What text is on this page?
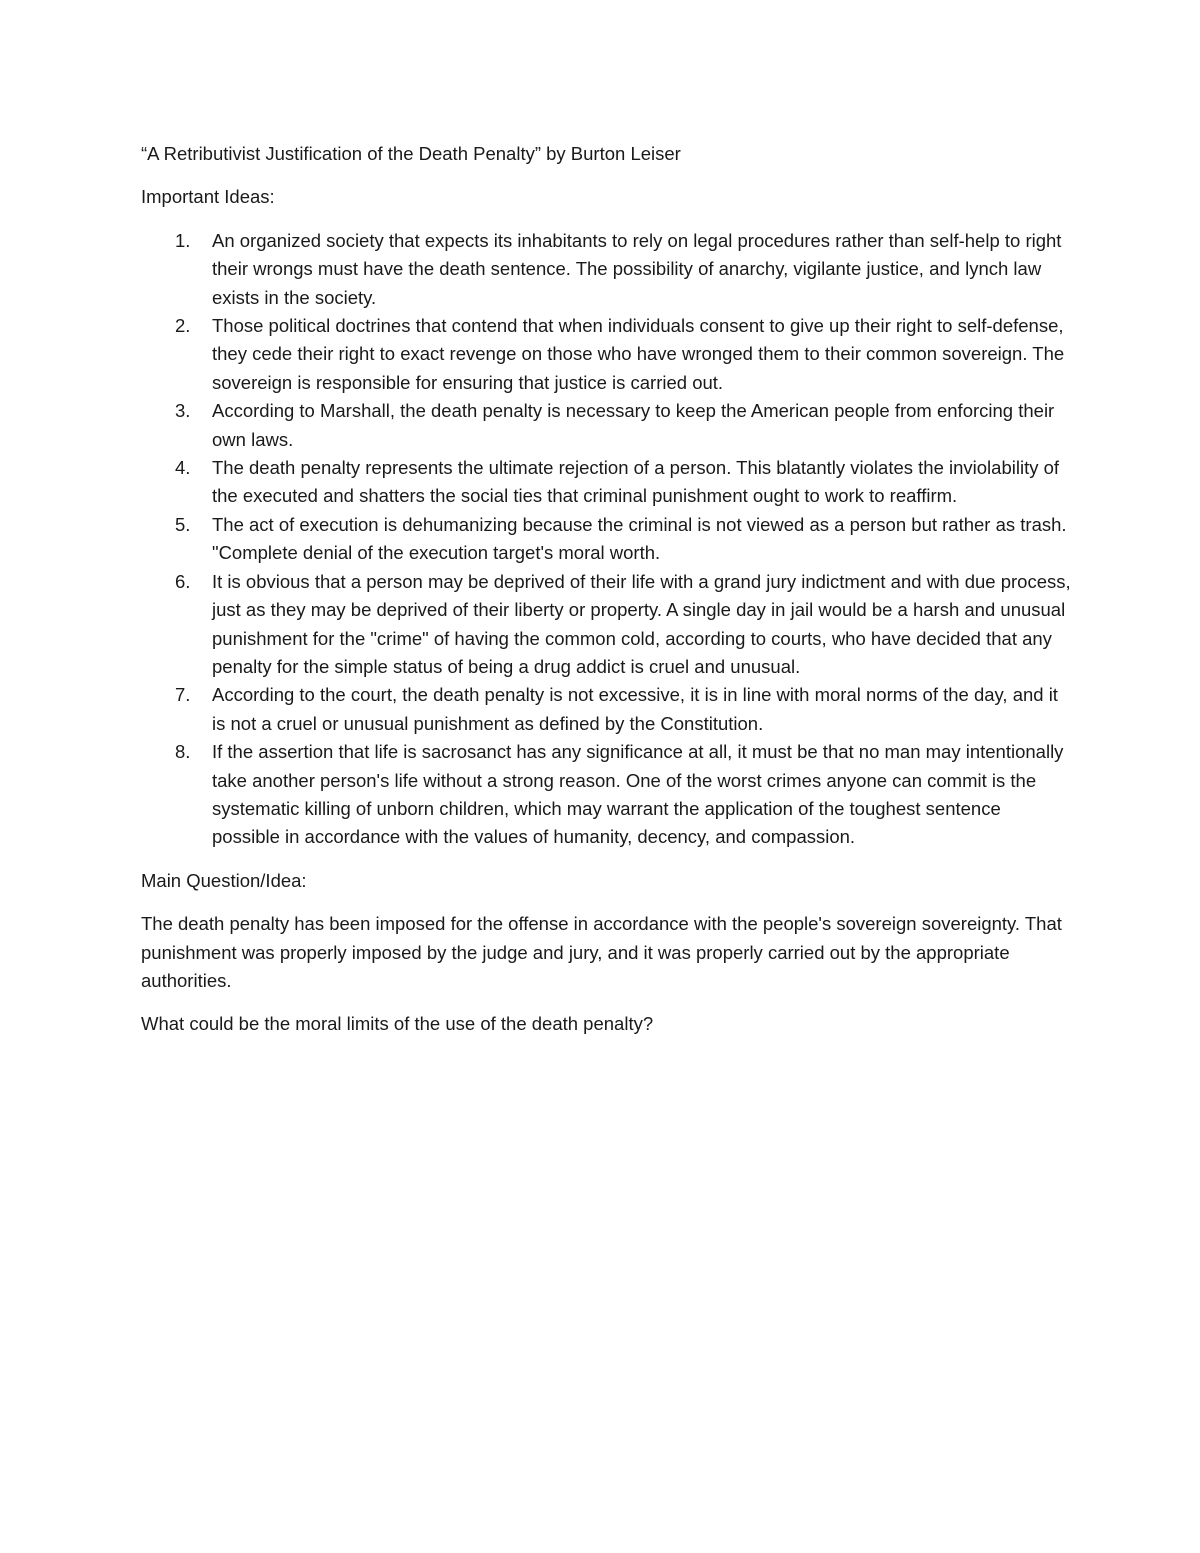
“A Retributivist Justification of the Death Penalty” by Burton Leiser

Important Ideas:

1. An organized society that expects its inhabitants to rely on legal procedures rather than self-help to right their wrongs must have the death sentence. The possibility of anarchy, vigilante justice, and lynch law exists in the society.
2. Those political doctrines that contend that when individuals consent to give up their right to self-defense, they cede their right to exact revenge on those who have wronged them to their common sovereign. The sovereign is responsible for ensuring that justice is carried out.
3. According to Marshall, the death penalty is necessary to keep the American people from enforcing their own laws.
4. The death penalty represents the ultimate rejection of a person. This blatantly violates the inviolability of the executed and shatters the social ties that criminal punishment ought to work to reaffirm.
5. The act of execution is dehumanizing because the criminal is not viewed as a person but rather as trash. "Complete denial of the execution target's moral worth.
6. It is obvious that a person may be deprived of their life with a grand jury indictment and with due process, just as they may be deprived of their liberty or property. A single day in jail would be a harsh and unusual punishment for the "crime" of having the common cold, according to courts, who have decided that any penalty for the simple status of being a drug addict is cruel and unusual.
7. According to the court, the death penalty is not excessive, it is in line with moral norms of the day, and it is not a cruel or unusual punishment as defined by the Constitution.
8. If the assertion that life is sacrosanct has any significance at all, it must be that no man may intentionally take another person's life without a strong reason. One of the worst crimes anyone can commit is the systematic killing of unborn children, which may warrant the application of the toughest sentence possible in accordance with the values of humanity, decency, and compassion.

Main Question/Idea:

The death penalty has been imposed for the offense in accordance with the people's sovereign sovereignty. That punishment was properly imposed by the judge and jury, and it was properly carried out by the appropriate authorities.

What could be the moral limits of the use of the death penalty?
